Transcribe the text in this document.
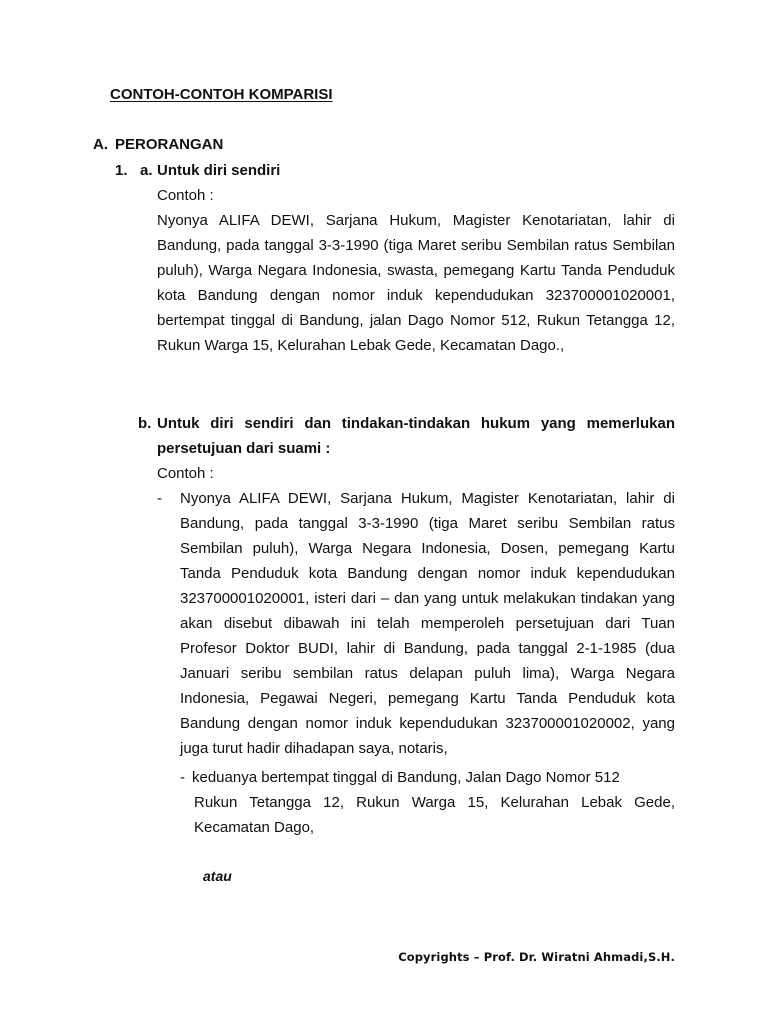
CONTOH-CONTOH KOMPARISI

A. PERORANGAN

1. a. Untuk diri sendiri

Contoh :

Nyonya ALIFA DEWI, Sarjana Hukum, Magister Kenotariatan, lahir di Bandung, pada tanggal 3-3-1990 (tiga Maret seribu Sembilan ratus Sembilan puluh), Warga Negara Indonesia, swasta, pemegang Kartu Tanda Penduduk kota Bandung dengan nomor induk kependudukan 323700001020001, bertempat tinggal di Bandung, jalan Dago Nomor 512, Rukun Tetangga 12, Rukun Warga 15, Kelurahan Lebak Gede, Kecamatan Dago.,

b. Untuk diri sendiri dan tindakan-tindakan hukum yang memerlukan persetujuan dari suami :

Contoh :

-	Nyonya ALIFA DEWI, Sarjana Hukum, Magister Kenotariatan, lahir di Bandung, pada tanggal 3-3-1990 (tiga Maret seribu Sembilan ratus Sembilan puluh), Warga Negara Indonesia, Dosen, pemegang Kartu Tanda Penduduk kota Bandung dengan nomor induk kependudukan 323700001020001, isteri dari – dan yang untuk melakukan tindakan yang akan disebut dibawah ini telah memperoleh persetujuan dari Tuan Profesor Doktor BUDI, lahir di Bandung, pada tanggal 2-1-1985 (dua Januari seribu sembilan ratus delapan puluh lima), Warga Negara Indonesia, Pegawai Negeri, pemegang Kartu Tanda Penduduk kota Bandung dengan nomor induk kependudukan 323700001020002, yang juga turut hadir dihadapan saya, notaris,

- keduanya bertempat tinggal di Bandung, Jalan Dago Nomor 512

Rukun Tetangga 12, Rukun Warga 15, Kelurahan Lebak Gede, Kecamatan Dago,

atau

Copyrights – Prof. Dr. Wiratni Ahmadi,S.H.
